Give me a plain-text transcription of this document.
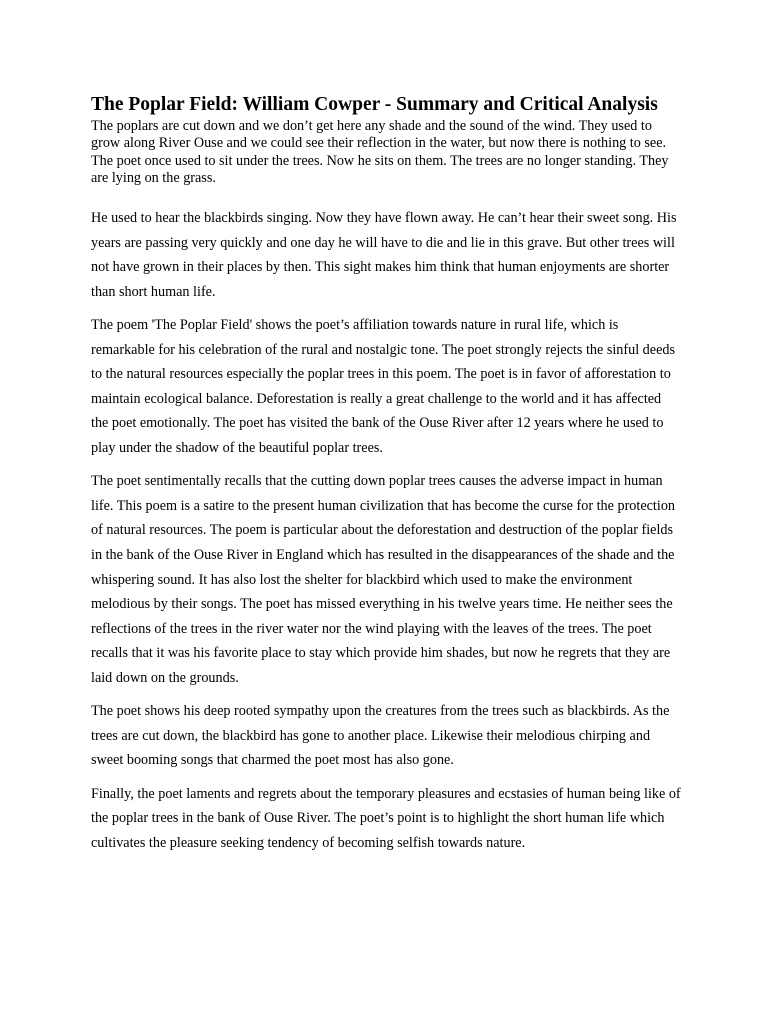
The Poplar Field: William Cowper - Summary and Critical Analysis

The poplars are cut down and we don’t get here any shade and the sound of the wind. They used to grow along River Ouse and we could see their reflection in the water, but now there is nothing to see. The poet once used to sit under the trees. Now he sits on them. The trees are no longer standing. They are lying on the grass.

He used to hear the blackbirds singing. Now they have flown away. He can’t hear their sweet song. His years are passing very quickly and one day he will have to die and lie in this grave. But other trees will not have grown in their places by then. This sight makes him think that human enjoyments are shorter than short human life.

The poem 'The Poplar Field' shows the poet’s affiliation towards nature in rural life, which is remarkable for his celebration of the rural and nostalgic tone. The poet strongly rejects the sinful deeds to the natural resources especially the poplar trees in this poem. The poet is in favor of afforestation to maintain ecological balance. Deforestation is really a great challenge to the world and it has affected the poet emotionally. The poet has visited the bank of the Ouse River after 12 years where he used to play under the shadow of the beautiful poplar trees.

The poet sentimentally recalls that the cutting down poplar trees causes the adverse impact in human life. This poem is a satire to the present human civilization that has become the curse for the protection of natural resources. The poem is particular about the deforestation and destruction of the poplar fields in the bank of the Ouse River in England which has resulted in the disappearances of the shade and the whispering sound. It has also lost the shelter for blackbird which used to make the environment melodious by their songs. The poet has missed everything in his twelve years time. He neither sees the reflections of the trees in the river water nor the wind playing with the leaves of the trees. The poet recalls that it was his favorite place to stay which provide him shades, but now he regrets that they are laid down on the grounds.

The poet shows his deep rooted sympathy upon the creatures from the trees such as blackbirds. As the trees are cut down, the blackbird has gone to another place. Likewise their melodious chirping and sweet booming songs that charmed the poet most has also gone.

Finally, the poet laments and regrets about the temporary pleasures and ecstasies of human being like of the poplar trees in the bank of Ouse River. The poet’s point is to highlight the short human life which cultivates the pleasure seeking tendency of becoming selfish towards nature.
